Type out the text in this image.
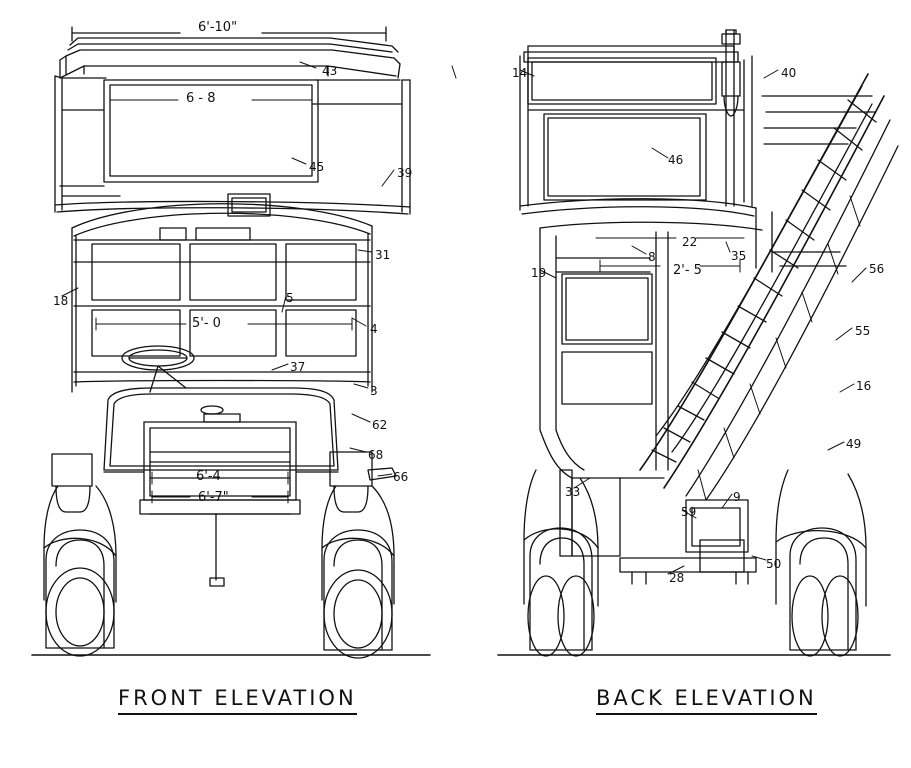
6'-10"
6 - 8
5'- 0
6'-4
6'-7"
43
45	39
31
18	5
4
37
3
62
68
66
2'- 5
14	40
46
22
8	35
19	56
55
16
49
33	9
59
50
28
FRONT ELEVATION	BACK ELEVATION
